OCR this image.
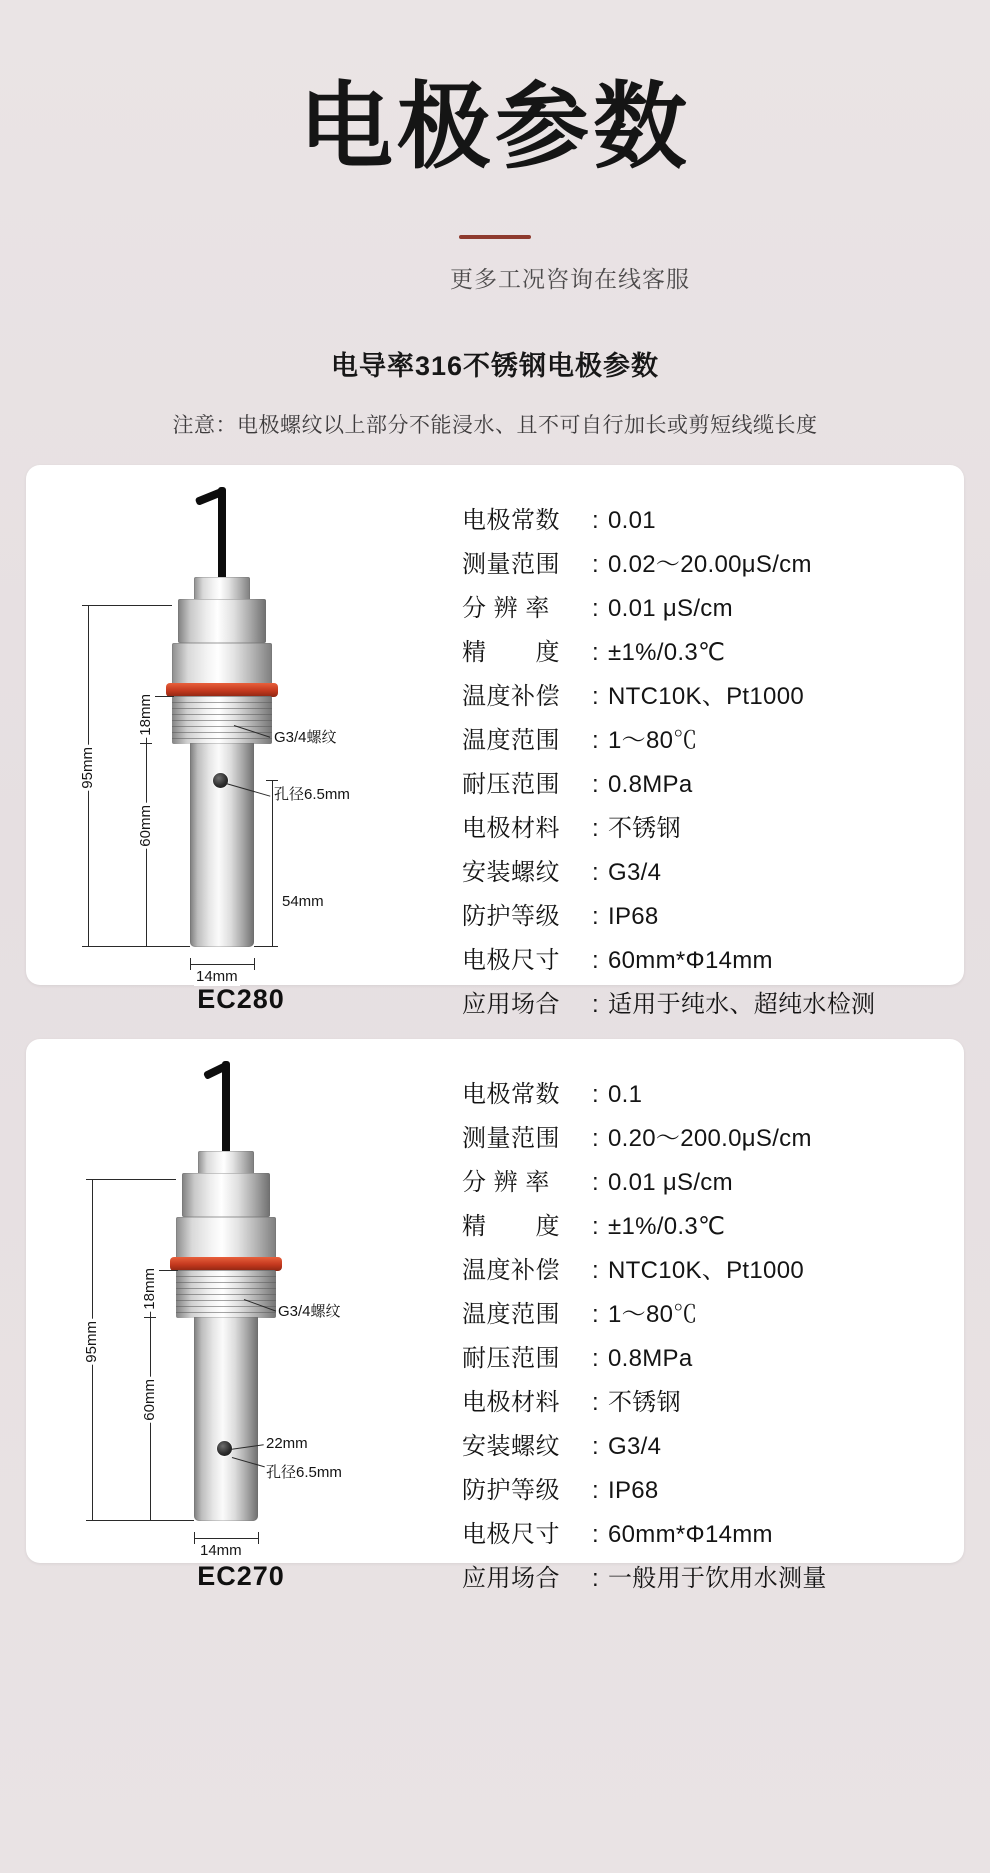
电极参数
更多工况咨询在线客服
电导率316不锈钢电极参数
注意：电极螺纹以上部分不能浸水、且不可自行加长或剪短线缆长度
95mm
18mm
60mm
54mm
14mm
G3/4螺纹
孔径6.5mm
EC280
电极常数	: 0.01
测量范围	: 0.02～20.00μS/cm
分 辨 率	: 0.01 μS/cm
精　　度	: ±1%/0.3℃
温度补偿	: NTC10K、Pt1000
温度范围	: 1～80℃
耐压范围	: 0.8MPa
电极材料	: 不锈钢
安装螺纹	: G3/4
防护等级	: IP68
电极尺寸	: 60mm*Φ14mm
应用场合	: 适用于纯水、超纯水检测
95mm
18mm
60mm
14mm
G3/4螺纹
22mm
孔径6.5mm
EC270
电极常数	: 0.1
测量范围	: 0.20～200.0μS/cm
分 辨 率	: 0.01 μS/cm
精　　度	: ±1%/0.3℃
温度补偿	: NTC10K、Pt1000
温度范围	: 1～80℃
耐压范围	: 0.8MPa
电极材料	: 不锈钢
安装螺纹	: G3/4
防护等级	: IP68
电极尺寸	: 60mm*Φ14mm
应用场合	: 一般用于饮用水测量
